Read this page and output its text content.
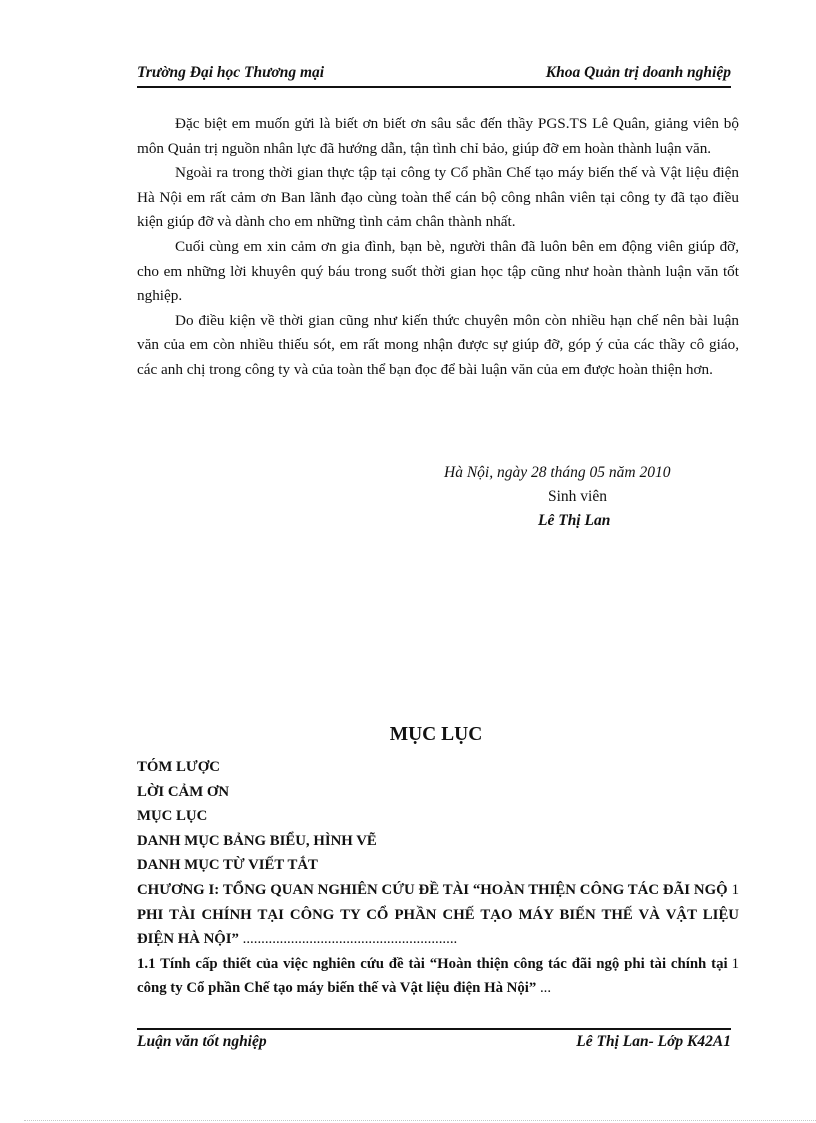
Trường Đại học Thương mại	Khoa Quản trị doanh nghiệp

Đặc biệt em muốn gửi là biết ơn biết ơn sâu sắc đến thầy PGS.TS Lê Quân, giảng viên bộ môn Quản trị nguồn nhân lực đã hướng dẫn, tận tình chỉ bảo, giúp đỡ em hoàn thành luận văn.

Ngoài ra trong thời gian thực tập tại công ty Cổ phần Chế tạo máy biến thế và Vật liệu điện Hà Nội em rất cảm ơn Ban lãnh đạo cùng toàn thể cán bộ công nhân viên tại công ty đã tạo điều kiện giúp đỡ và dành cho em những tình cảm chân thành nhất.

Cuối cùng em xin cảm ơn gia đình, bạn bè, người thân đã luôn bên em động viên giúp đỡ, cho em những lời khuyên quý báu trong suốt thời gian học tập cũng như hoàn thành luận văn tốt nghiệp.

Do điều kiện về thời gian cũng như kiến thức chuyên môn còn nhiều hạn chế nên bài luận văn của em còn nhiều thiếu sót, em rất mong nhận được sự giúp đỡ, góp ý của các thầy cô giáo, các anh chị trong công ty và của toàn thể bạn đọc để bài luận văn của em được hoàn thiện hơn.

Hà Nội, ngày 28 tháng 05 năm 2010
Sinh viên
Lê Thị Lan
MỤC LỤC
TÓM LƯỢC
LỜI CẢM ƠN
MỤC LỤC
DANH MỤC BẢNG BIỂU, HÌNH VẼ
DANH MỤC TỪ VIẾT TẮT
1
CHƯƠNG I: TỔNG QUAN NGHIÊN CỨU ĐỀ TÀI “HOÀN THIỆN CÔNG TÁC ĐÃI NGỘ PHI TÀI CHÍNH TẠI CÔNG TY CỔ PHẦN CHẾ TẠO MÁY BIẾN THẾ VÀ VẬT LIỆU ĐIỆN HÀ NỘI” ..........................................................
1
1.1 Tính cấp thiết của việc nghiên cứu đề tài “Hoàn thiện công tác đãi ngộ phi tài chính tại công ty Cổ phần Chế tạo máy biến thế và Vật liệu điện Hà Nội” ...
Luận văn tốt nghiệp	Lê Thị Lan- Lớp K42A1
